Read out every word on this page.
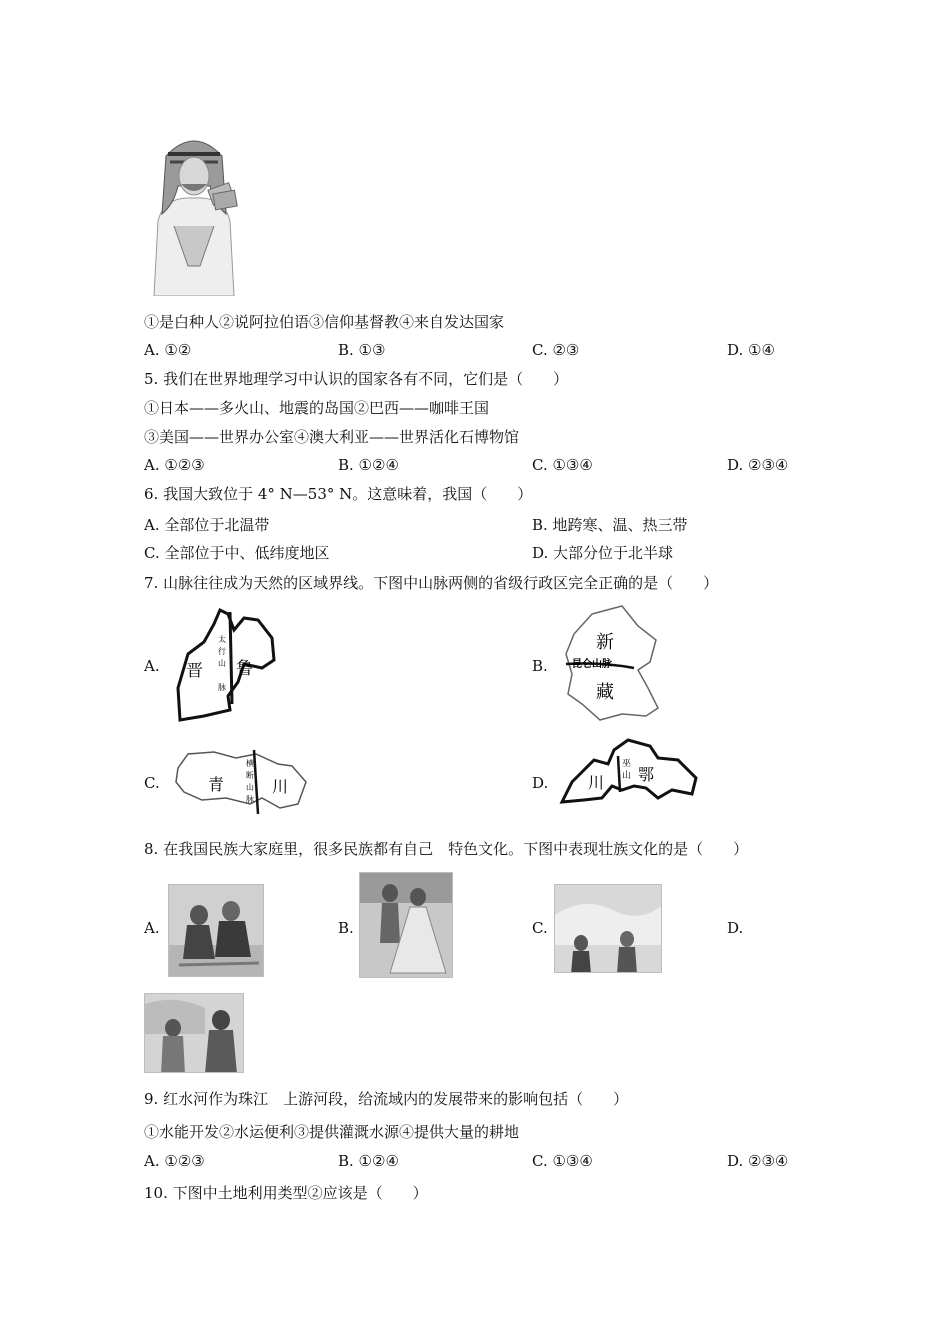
①是白种人②说阿拉伯语③信仰基督教④来自发达国家
A. ①②	B. ①③	C. ②③	D. ①④
5. 我们在世界地理学习中认识的国家各有不同，它们是（　　）
①日本——多火山、地震的岛国②巴西——咖啡王国
③美国——世界办公室④澳大利亚——世界活化石博物馆
A. ①②③	B. ①②④	C. ①③④	D. ②③④
6. 我国大致位于 4° N—53° N。这意味着，我国（　　）
A. 全部位于北温带	B. 地跨寒、温、热三带
C. 全部位于中、低纬度地区	D. 大部分位于北半球
7. 山脉往往成为天然的区域界线。下图中山脉两侧的省级行政区完全正确的是（　　）
A. 晋 鲁
太
行
山
脉
B.
新
昆仑山脉
藏
C.	青	川
横
断
山
脉
D. 川 鄂
巫
山
8. 在我国民族大家庭里，很多民族都有自己　特色文化。下图中表现壮族文化的是（　　）
A.	B.	C.	D.
9. 红水河作为珠江　上游河段，给流域内的发展带来的影响包括（　　）
①水能开发②水运便利③提供灌溉水源④提供大量的耕地
A. ①②③	B. ①②④	C. ①③④	D. ②③④
10. 下图中土地利用类型②应该是（　　）
